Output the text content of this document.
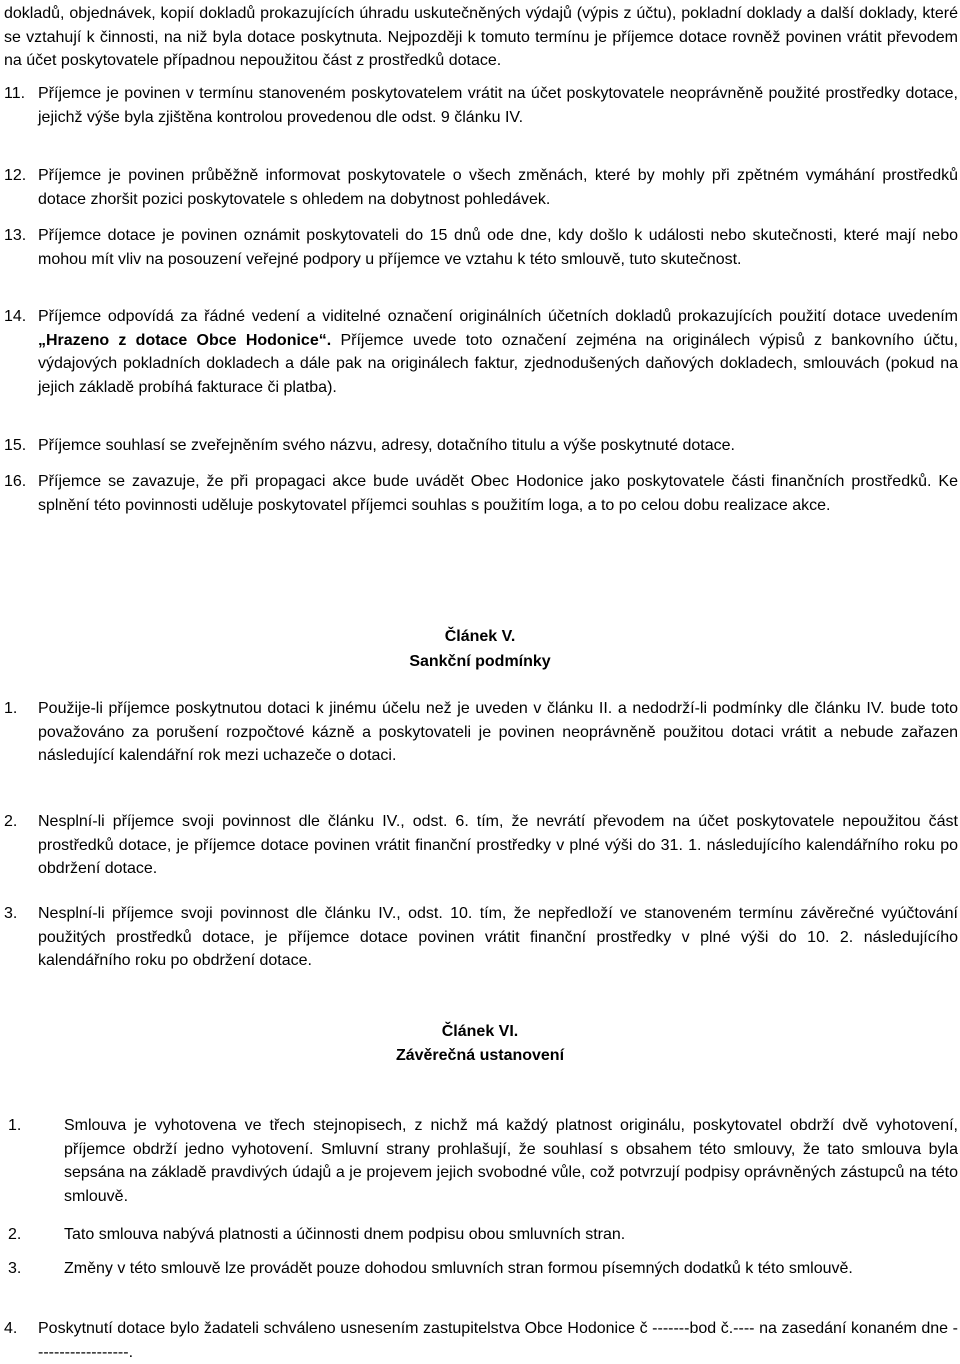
dokladů, objednávek, kopií dokladů prokazujících úhradu uskutečněných výdajů (výpis z účtu), pokladní doklady a další doklady, které se vztahují k činnosti, na niž byla dotace poskytnuta. Nejpozději k tomuto termínu je příjemce dotace rovněž povinen vrátit převodem na účet poskytovatele případnou nepoužitou část z prostředků dotace.

11. Příjemce je povinen v termínu stanoveném poskytovatelem vrátit na účet poskytovatele neoprávněně použité prostředky dotace, jejichž výše byla zjištěna kontrolou provedenou dle odst. 9 článku IV.
12. Příjemce je povinen průběžně informovat poskytovatele o všech změnách, které by mohly při zpětném vymáhání prostředků dotace zhoršit pozici poskytovatele s ohledem na dobytnost pohledávek.
13. Příjemce dotace je povinen oznámit poskytovateli do 15 dnů ode dne, kdy došlo k události nebo skutečnosti, které mají nebo mohou mít vliv na posouzení veřejné podpory u příjemce ve vztahu k této smlouvě, tuto skutečnost.
14. Příjemce odpovídá za řádné vedení a viditelné označení originálních účetních dokladů prokazujících použití dotace uvedením „Hrazeno z dotace Obce Hodonice“. Příjemce uvede toto označení zejména na originálech výpisů z bankovního účtu, výdajových pokladních dokladech a dále pak na originálech faktur, zjednodušených daňových dokladech, smlouvách (pokud na jejich základě probíhá fakturace či platba).
15. Příjemce souhlasí se zveřejněním svého názvu, adresy, dotačního titulu a výše poskytnuté dotace.
16. Příjemce se zavazuje, že při propagaci akce bude uvádět Obec Hodonice jako poskytovatele části finančních prostředků. Ke splnění této povinnosti uděluje poskytovatel příjemci souhlas s použitím loga, a to po celou dobu realizace akce.
Článek V.
Sankční podmínky
1. Použije-li příjemce poskytnutou dotaci k jinému účelu než je uveden v článku II. a nedodrží-li podmínky dle článku IV. bude toto považováno za porušení rozpočtové kázně a poskytovateli je povinen neoprávněně použitou dotaci vrátit a nebude zařazen následující kalendářní rok mezi uchazeče o dotaci.
2. Nesplní-li příjemce svoji povinnost dle článku IV., odst. 6. tím, že nevrátí převodem na účet poskytovatele nepoužitou část prostředků dotace, je příjemce dotace povinen vrátit finanční prostředky v plné výši do 31. 1. následujícího kalendářního roku po obdržení dotace.
3. Nesplní-li příjemce svoji povinnost dle článku IV., odst. 10. tím, že nepředloží ve stanoveném termínu závěrečné vyúčtování použitých prostředků dotace, je příjemce dotace povinen vrátit finanční prostředky v plné výši do 10. 2. následujícího kalendářního roku po obdržení dotace.
Článek VI.
Závěrečná ustanovení
1.	Smlouva je vyhotovena ve třech stejnopisech, z nichž má každý platnost originálu, poskytovatel obdrží dvě vyhotovení, příjemce obdrží jedno vyhotovení. Smluvní strany prohlašují, že souhlasí s obsahem této smlouvy, že tato smlouva byla sepsána na základě pravdivých údajů a je projevem jejich svobodné vůle, což potvrzují podpisy oprávněných zástupců na této smlouvě.
2.	Tato smlouva nabývá platnosti a účinnosti dnem podpisu obou smluvních stran.
3.	Změny v této smlouvě lze provádět pouze dohodou smluvních stran formou písemných dodatků k této smlouvě.
4. Poskytnutí dotace bylo žadateli schváleno usnesením zastupitelstva Obce Hodonice č -------bod č.---- na zasedání konaném dne ------------------.
